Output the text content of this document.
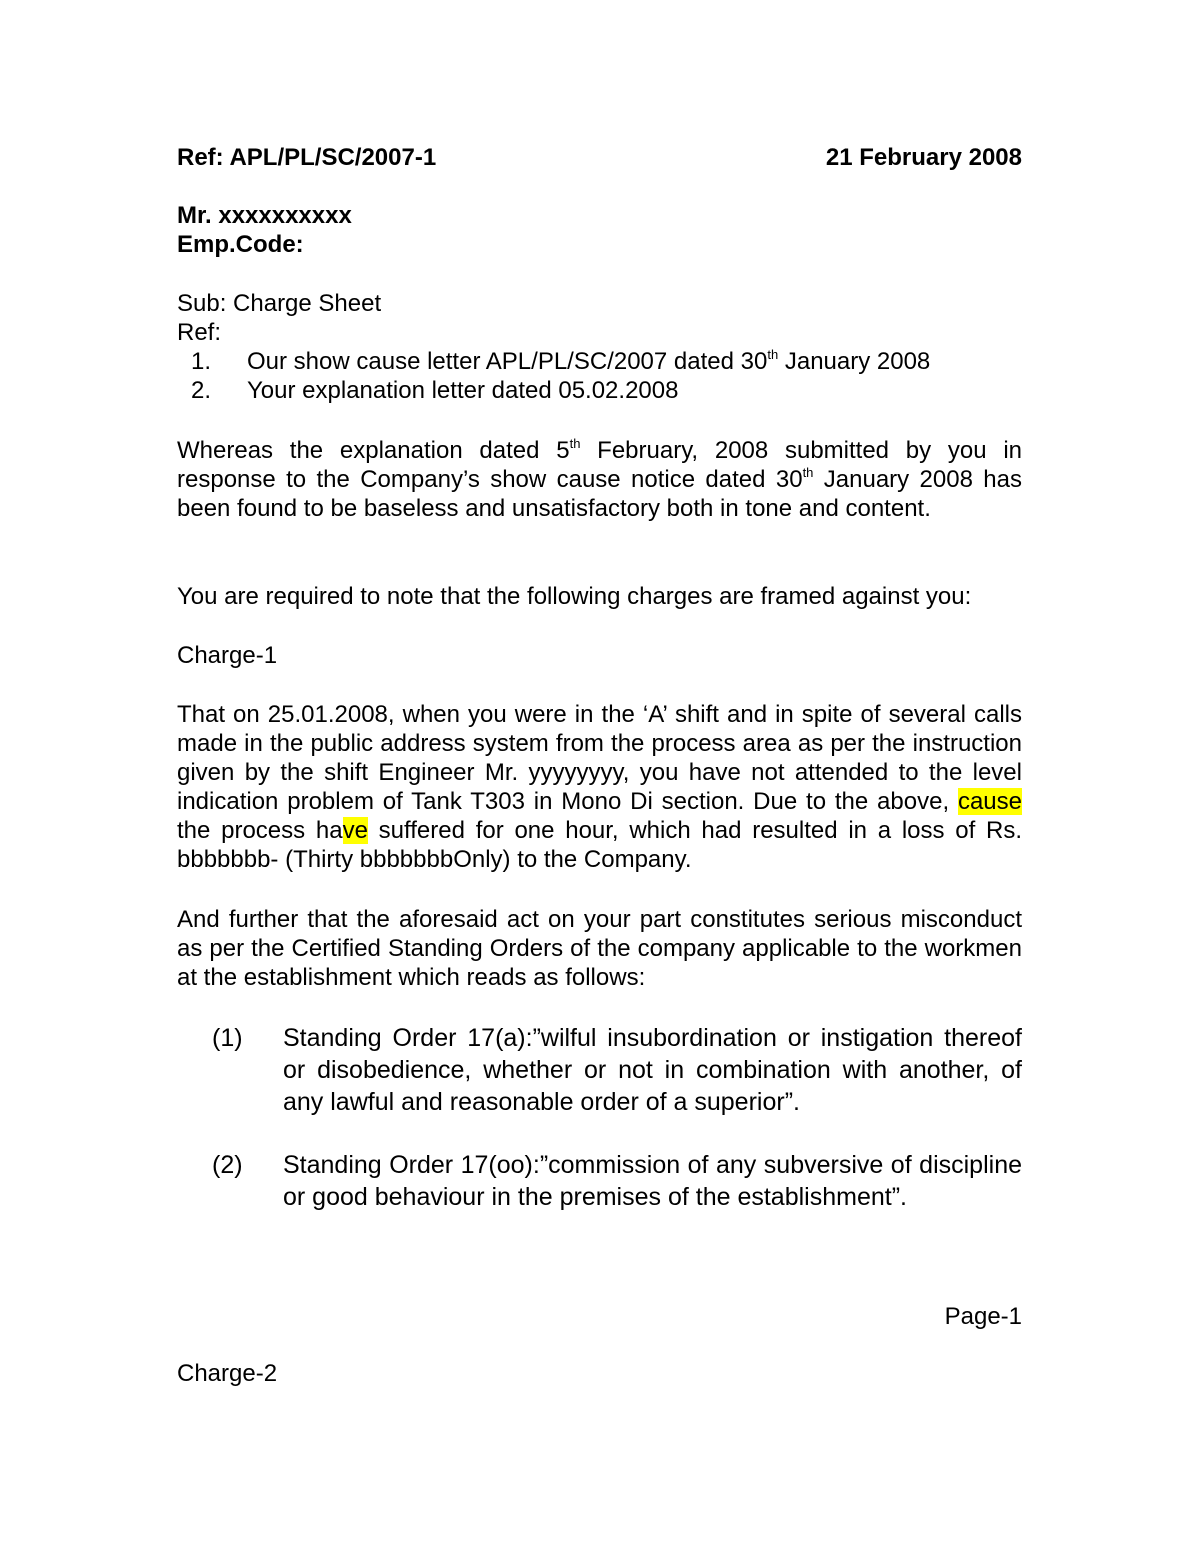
Ref: APL/PL/SC/2007-1	21 February 2008
Mr. xxxxxxxxxx
Emp.Code:
Sub: Charge Sheet
Ref:
1.	Our show cause letter APL/PL/SC/2007 dated 30th January 2008
2.	Your explanation letter dated 05.02.2008
Whereas the explanation dated 5th February, 2008 submitted by you in response to the Company’s show cause notice dated 30th January 2008 has been found to be baseless and unsatisfactory both in tone and content.
You are required to note that the following charges are framed against you:
Charge-1
That on 25.01.2008, when you were in the ‘A’ shift and in spite of several calls made in the public address system from the process area as per the instruction given by the shift Engineer Mr. yyyyyyyy, you have not attended to the level indication problem of Tank T303 in Mono Di section. Due to the above, cause the process have suffered for one hour, which had resulted in a loss of Rs. bbbbbbb- (Thirty bbbbbbbOnly) to the Company.
And further that the aforesaid act on your part constitutes serious misconduct as per the Certified Standing Orders of the company applicable to the workmen at the establishment which reads as follows:
(1)	Standing Order 17(a):”wilful insubordination or instigation thereof or disobedience, whether or not in combination with another, of any lawful and reasonable order of a superior”.
(2)	Standing Order 17(oo):”commission of any subversive of discipline or good behaviour in the premises of the establishment”.
Page-1
Charge-2
